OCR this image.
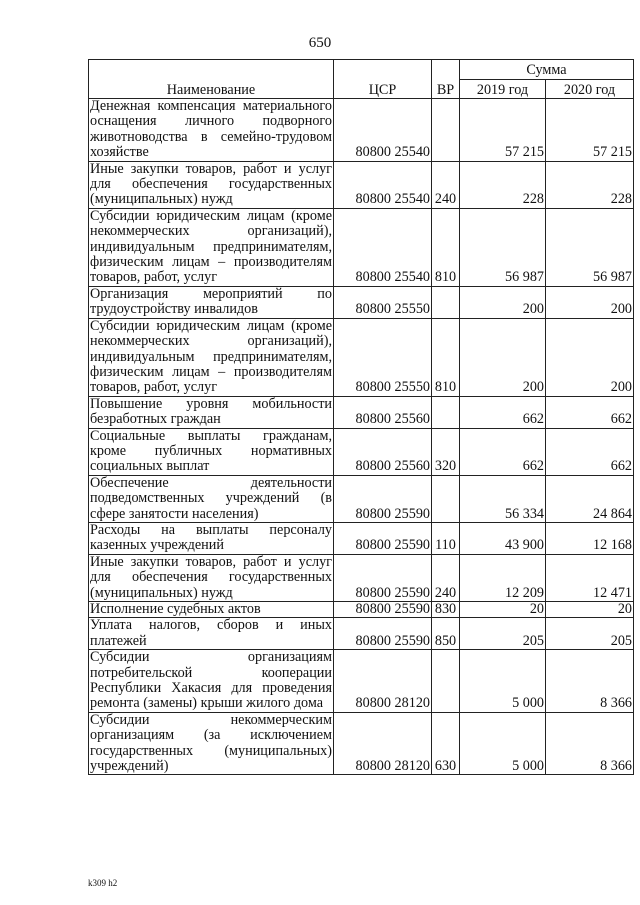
650
Наименование	ЦСР	ВР	Сумма	
			2019 год	2020 год
Денежная компенсация материального оснащения личного подворного животноводства в семейно-трудовом хозяйстве	80800 25540		57 215	57 215
Иные закупки товаров, работ и услуг для обеспечения государственных (муниципальных) нужд	80800 25540	240	228	228
Субсидии юридическим лицам (кроме некоммерческих организаций), индивидуальным предпринимателям, физическим лицам – производителям товаров, работ, услуг	80800 25540	810	56 987	56 987
Организация мероприятий по трудоустройству инвалидов	80800 25550		200	200
Субсидии юридическим лицам (кроме некоммерческих организаций), индивидуальным предпринимателям, физическим лицам – производителям товаров, работ, услуг	80800 25550	810	200	200
Повышение уровня мобильности безработных граждан	80800 25560		662	662
Социальные выплаты гражданам, кроме публичных нормативных социальных выплат	80800 25560	320	662	662
Обеспечение деятельности подведомственных учреждений (в сфере занятости населения)	80800 25590		56 334	24 864
Расходы на выплаты персоналу казенных учреждений	80800 25590	110	43 900	12 168
Иные закупки товаров, работ и услуг для обеспечения государственных (муниципальных) нужд	80800 25590	240	12 209	12 471
Исполнение судебных актов	80800 25590	830	20	20
Уплата налогов, сборов и иных платежей	80800 25590	850	205	205
Субсидии организациям потребительской кооперации Республики Хакасия для проведения ремонта (замены) крыши жилого дома	80800 28120		5 000	8 366
Субсидии некоммерческим организациям (за исключением государственных (муниципальных) учреждений)	80800 28120	630	5 000	8 366
k309 h2
